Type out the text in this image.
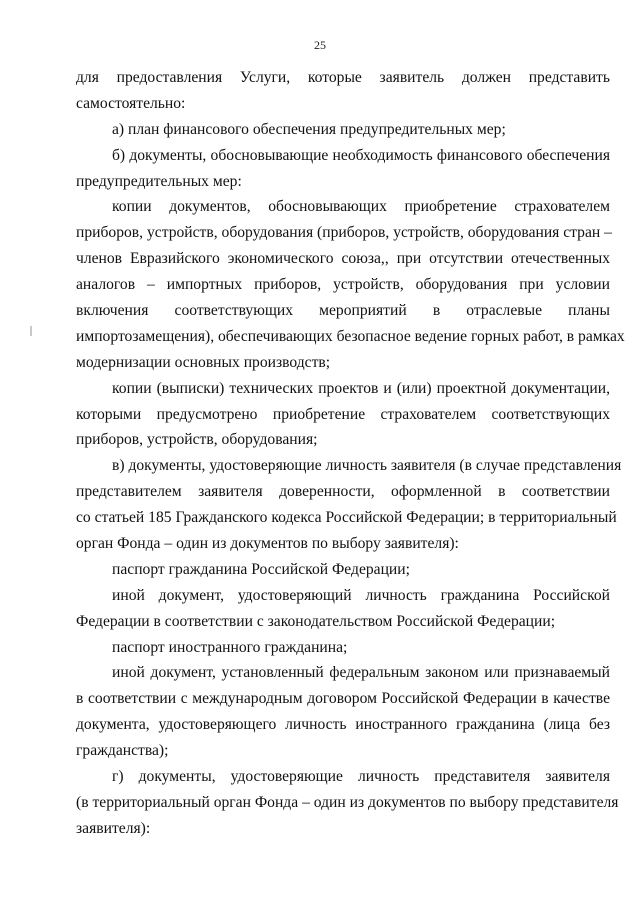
25
для предоставления Услуги, которые заявитель должен представить
самостоятельно:
а) план финансового обеспечения предупредительных мер;
б) документы, обосновывающие необходимость финансового обеспечения
предупредительных мер:
копии документов, обосновывающих приобретение страхователем
приборов, устройств, оборудования (приборов, устройств, оборудования стран –
членов Евразийского экономического союза,, при отсутствии отечественных
аналогов – импортных приборов, устройств, оборудования при условии
включения соответствующих мероприятий в отраслевые планы
импортозамещения), обеспечивающих безопасное ведение горных работ, в рамках
модернизации основных производств;
копии (выписки) технических проектов и (или) проектной документации,
которыми предусмотрено приобретение страхователем соответствующих
приборов, устройств, оборудования;
в) документы, удостоверяющие личность заявителя (в случае представления
представителем заявителя доверенности, оформленной в соответствии
со статьей 185 Гражданского кодекса Российской Федерации; в территориальный
орган Фонда – один из документов по выбору заявителя):
паспорт гражданина Российской Федерации;
иной документ, удостоверяющий личность гражданина Российской
Федерации в соответствии с законодательством Российской Федерации;
паспорт иностранного гражданина;
иной документ, установленный федеральным законом или признаваемый
в соответствии с международным договором Российской Федерации в качестве
документа, удостоверяющего личность иностранного гражданина (лица без
гражданства);
г) документы, удостоверяющие личность представителя заявителя
(в территориальный орган Фонда – один из документов по выбору представителя
заявителя):
